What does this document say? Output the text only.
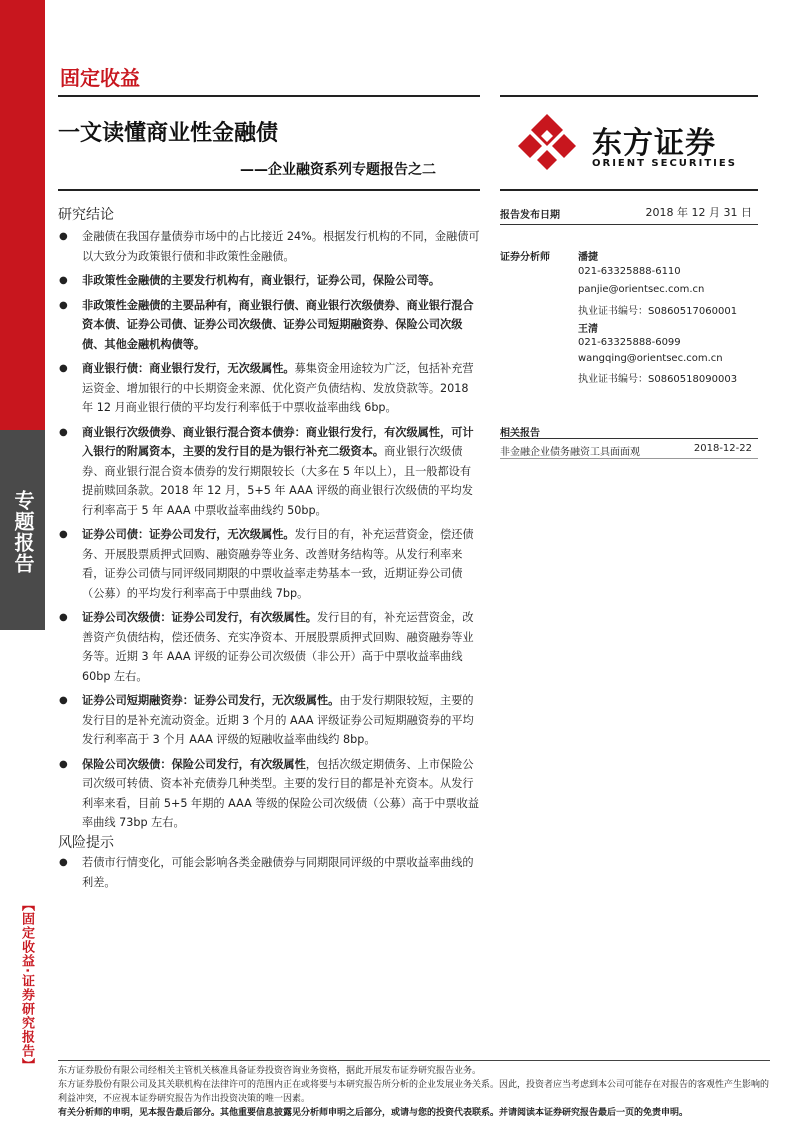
专题报告
【固定收益·证券研究报告】
固定收益
一文读懂商业性金融债
——企业融资系列专题报告之二
东方证券
ORIENT SECURITIES
研究结论
● 金融债在我国存量债券市场中的占比接近 24%。根据发行机构的不同，金融债可以大致分为政策银行债和非政策性金融债。
● 非政策性金融债的主要发行机构有，商业银行，证券公司，保险公司等。
● 非政策性金融债的主要品种有，商业银行债、商业银行次级债券、商业银行混合资本债、证券公司债、证券公司次级债、证券公司短期融资券、保险公司次级债、其他金融机构债等。
● 商业银行债：商业银行发行，无次级属性。募集资金用途较为广泛，包括补充营运资金、增加银行的中长期资金来源、优化资产负债结构、发放贷款等。2018 年 12 月商业银行债的平均发行利率低于中票收益率曲线 6bp。
● 商业银行次级债券、商业银行混合资本债券：商业银行发行，有次级属性，可计入银行的附属资本，主要的发行目的是为银行补充二级资本。商业银行次级债券、商业银行混合资本债券的发行期限较长（大多在 5 年以上），且一般都设有提前赎回条款。2018 年 12 月，5+5 年 AAA 评级的商业银行次级债的平均发行利率高于 5 年 AAA 中票收益率曲线约 50bp。
● 证券公司债：证券公司发行，无次级属性。发行目的有，补充运营资金，偿还债务、开展股票质押式回购、融资融券等业务、改善财务结构等。从发行利率来看，证券公司债与同评级同期限的中票收益率走势基本一致，近期证券公司债（公募）的平均发行利率高于中票曲线 7bp。
● 证券公司次级债：证券公司发行，有次级属性。发行目的有，补充运营资金，改善资产负债结构，偿还债务、充实净资本、开展股票质押式回购、融资融券等业务等。近期 3 年 AAA 评级的证券公司次级债（非公开）高于中票收益率曲线 60bp 左右。
● 证券公司短期融资券：证券公司发行，无次级属性。由于发行期限较短，主要的发行目的是补充流动资金。近期 3 个月的 AAA 评级证券公司短期融资券的平均发行利率高于 3 个月 AAA 评级的短融收益率曲线约 8bp。
● 保险公司次级债：保险公司发行，有次级属性，包括次级定期债务、上市保险公司次级可转债、资本补充债券几种类型。主要的发行目的都是补充资本。从发行利率来看，目前 5+5 年期的 AAA 等级的保险公司次级债（公募）高于中票收益率曲线 73bp 左右。
风险提示
● 若债市行情变化，可能会影响各类金融债券与同期限同评级的中票收益率曲线的利差。
报告发布日期	2018 年 12 月 31 日
证券分析师	潘捷
021-63325888-6110
panjie@orientsec.com.cn
执业证书编号：S0860517060001
王清
021-63325888-6099
wangqing@orientsec.com.cn
执业证书编号：S0860518090003
相关报告
非金融企业债务融资工具面面观	2018-12-22
东方证券股份有限公司经相关主管机关核准具备证券投资咨询业务资格，据此开展发布证券研究报告业务。
东方证券股份有限公司及其关联机构在法律许可的范围内正在或将要与本研究报告所分析的企业发展业务关系。因此，投资者应当考虑到本公司可能存在对报告的客观性产生影响的利益冲突，不应视本证券研究报告为作出投资决策的唯一因素。
有关分析师的申明，见本报告最后部分。其他重要信息披露见分析师申明之后部分，或请与您的投资代表联系。并请阅读本证券研究报告最后一页的免责申明。
